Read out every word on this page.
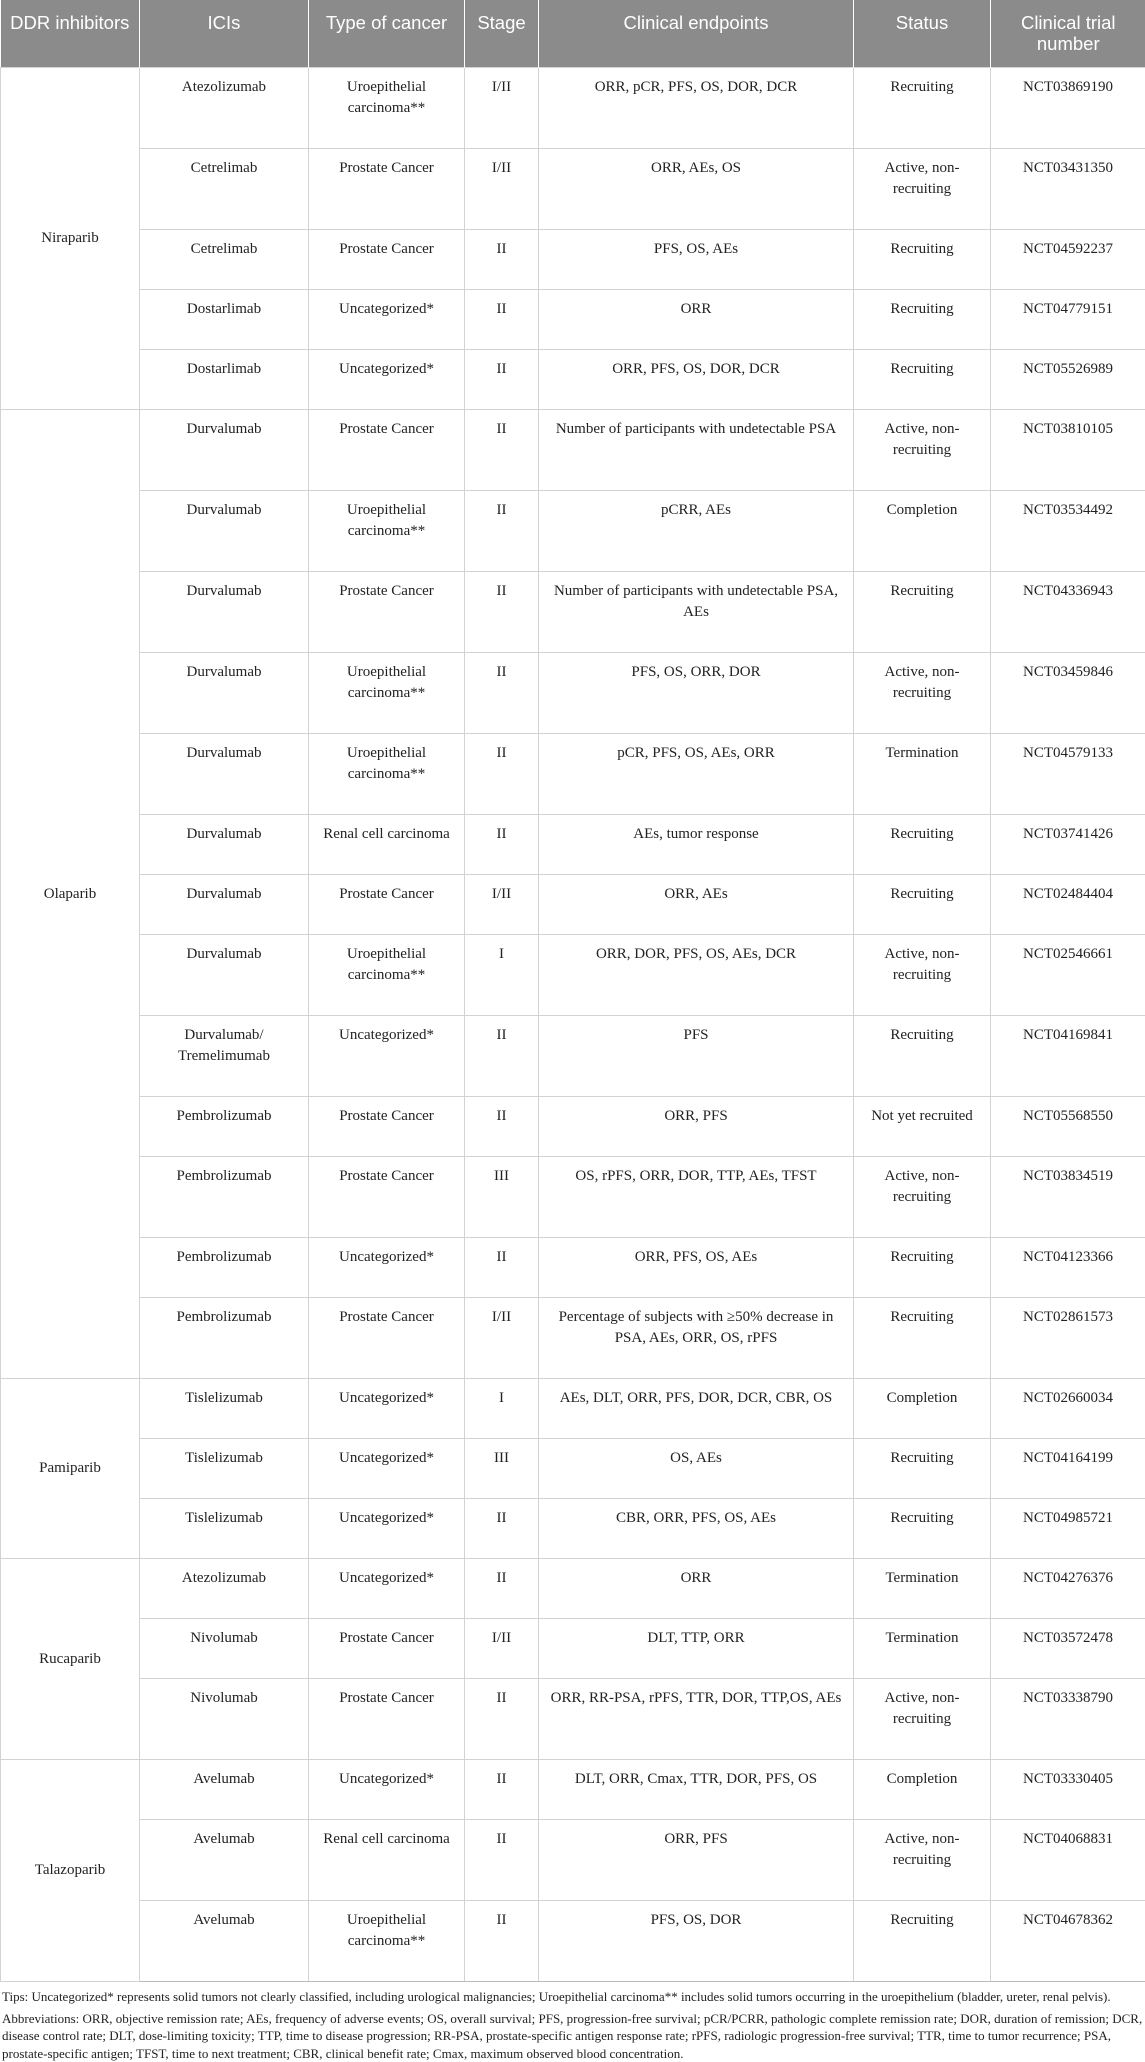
DDR inhibitors	ICIs	Type of cancer	Stage	Clinical endpoints	Status	Clinical trial number
Niraparib	Atezolizumab	Uroepithelial carcinoma**	I/II	ORR, pCR, PFS, OS, DOR, DCR	Recruiting	NCT03869190
	Cetrelimab	Prostate Cancer	I/II	ORR, AEs, OS	Active, non-recruiting	NCT03431350
	Cetrelimab	Prostate Cancer	II	PFS, OS, AEs	Recruiting	NCT04592237
	Dostarlimab	Uncategorized*	II	ORR	Recruiting	NCT04779151
	Dostarlimab	Uncategorized*	II	ORR, PFS, OS, DOR, DCR	Recruiting	NCT05526989
Olaparib	Durvalumab	Prostate Cancer	II	Number of participants with undetectable PSA	Active, non-recruiting	NCT03810105
	Durvalumab	Uroepithelial carcinoma**	II	pCRR, AEs	Completion	NCT03534492
	Durvalumab	Prostate Cancer	II	Number of participants with undetectable PSA, AEs	Recruiting	NCT04336943
	Durvalumab	Uroepithelial carcinoma**	II	PFS, OS, ORR, DOR	Active, non-recruiting	NCT03459846
	Durvalumab	Uroepithelial carcinoma**	II	pCR, PFS, OS, AEs, ORR	Termination	NCT04579133
	Durvalumab	Renal cell carcinoma	II	AEs, tumor response	Recruiting	NCT03741426
	Durvalumab	Prostate Cancer	I/II	ORR, AEs	Recruiting	NCT02484404
	Durvalumab	Uroepithelial carcinoma**	I	ORR, DOR, PFS, OS, AEs, DCR	Active, non-recruiting	NCT02546661
	Durvalumab/ Tremelimumab	Uncategorized*	II	PFS	Recruiting	NCT04169841
	Pembrolizumab	Prostate Cancer	II	ORR, PFS	Not yet recruited	NCT05568550
	Pembrolizumab	Prostate Cancer	III	OS, rPFS, ORR, DOR, TTP, AEs, TFST	Active, non-recruiting	NCT03834519
	Pembrolizumab	Uncategorized*	II	ORR, PFS, OS, AEs	Recruiting	NCT04123366
	Pembrolizumab	Prostate Cancer	I/II	Percentage of subjects with ≥50% decrease in PSA, AEs, ORR, OS, rPFS	Recruiting	NCT02861573
Pamiparib	Tislelizumab	Uncategorized*	I	AEs, DLT, ORR, PFS, DOR, DCR, CBR, OS	Completion	NCT02660034
	Tislelizumab	Uncategorized*	III	OS, AEs	Recruiting	NCT04164199
	Tislelizumab	Uncategorized*	II	CBR, ORR, PFS, OS, AEs	Recruiting	NCT04985721
Rucaparib	Atezolizumab	Uncategorized*	II	ORR	Termination	NCT04276376
	Nivolumab	Prostate Cancer	I/II	DLT, TTP, ORR	Termination	NCT03572478
	Nivolumab	Prostate Cancer	II	ORR, RR-PSA, rPFS, TTR, DOR, TTP,OS, AEs	Active, non-recruiting	NCT03338790
Talazoparib	Avelumab	Uncategorized*	II	DLT, ORR, Cmax, TTR, DOR, PFS, OS	Completion	NCT03330405
	Avelumab	Renal cell carcinoma	II	ORR, PFS	Active, non-recruiting	NCT04068831
	Avelumab	Uroepithelial carcinoma**	II	PFS, OS, DOR	Recruiting	NCT04678362

Tips: Uncategorized* represents solid tumors not clearly classified, including urological malignancies; Uroepithelial carcinoma** includes solid tumors occurring in the uroepithelium (bladder, ureter, renal pelvis).

Abbreviations: ORR, objective remission rate; AEs, frequency of adverse events; OS, overall survival; PFS, progression-free survival; pCR/PCRR, pathologic complete remission rate; DOR, duration of remission; DCR, disease control rate; DLT, dose-limiting toxicity; TTP, time to disease progression; RR-PSA, prostate-specific antigen response rate; rPFS, radiologic progression-free survival; TTR, time to tumor recurrence; PSA, prostate-specific antigen; TFST, time to next treatment; CBR, clinical benefit rate; Cmax, maximum observed blood concentration.
